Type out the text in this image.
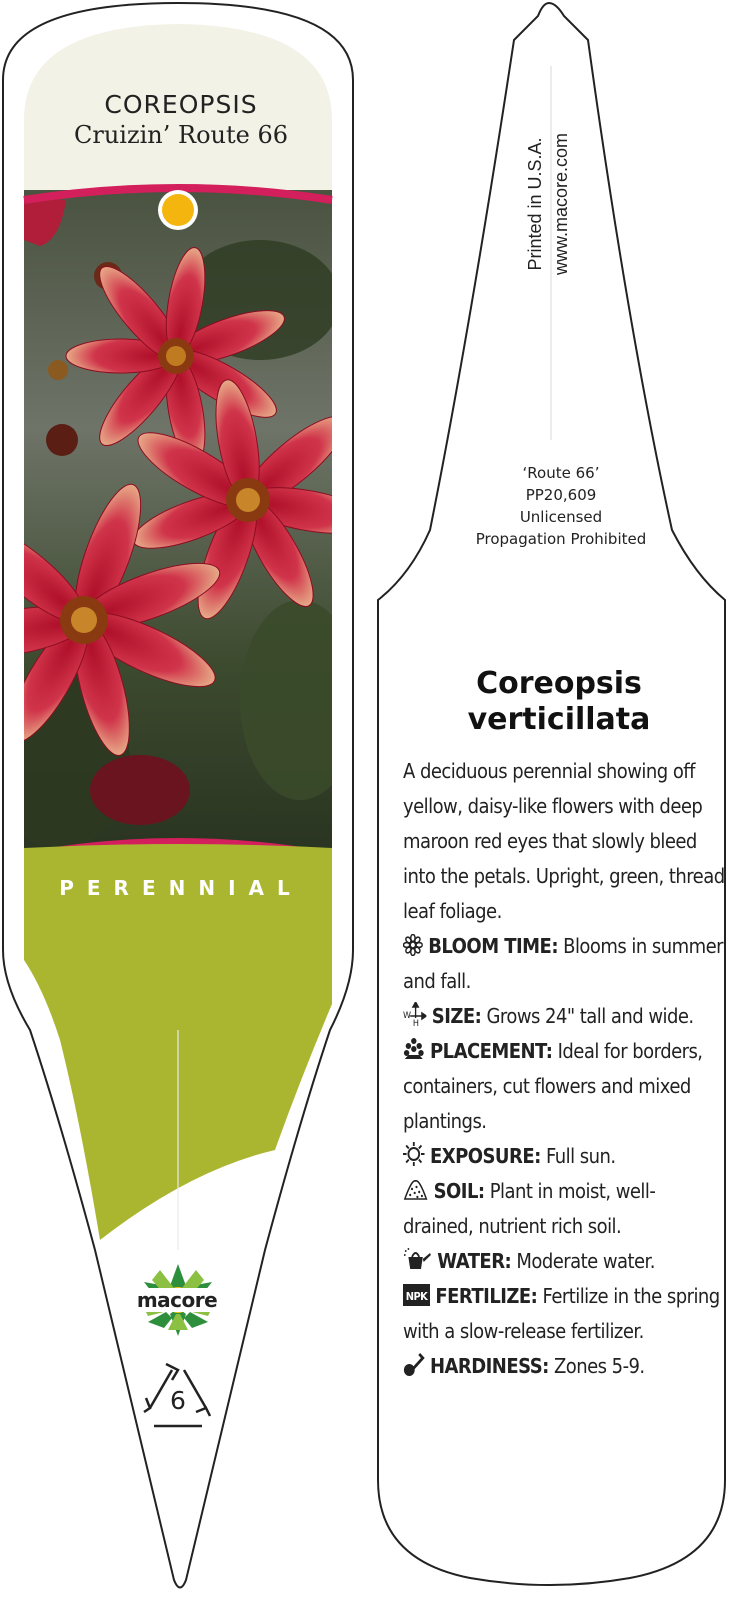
COREOPSIS
Cruizin’ Route 66
PERENNIAL
macore
6
Printed in U.S.A. www.macore.com
‘Route 66’
PP20,609
Unlicensed
Propagation Prohibited
Coreopsis
verticillata

A deciduous perennial showing off yellow, daisy-like flowers with deep maroon red eyes that slowly bleed into the petals. Upright, green, thread leaf foliage.

BLOOM TIME: Blooms in summer and fall.

W
H SIZE: Grows 24" tall and wide.

PLACEMENT: Ideal for borders, containers, cut flowers and mixed plantings.

EXPOSURE: Full sun.

SOIL: Plant in moist, well-drained, nutrient rich soil.

WATER: Moderate water.

NPK FERTILIZE: Fertilize in the spring with a slow-release fertilizer.

HARDINESS: Zones 5-9.
